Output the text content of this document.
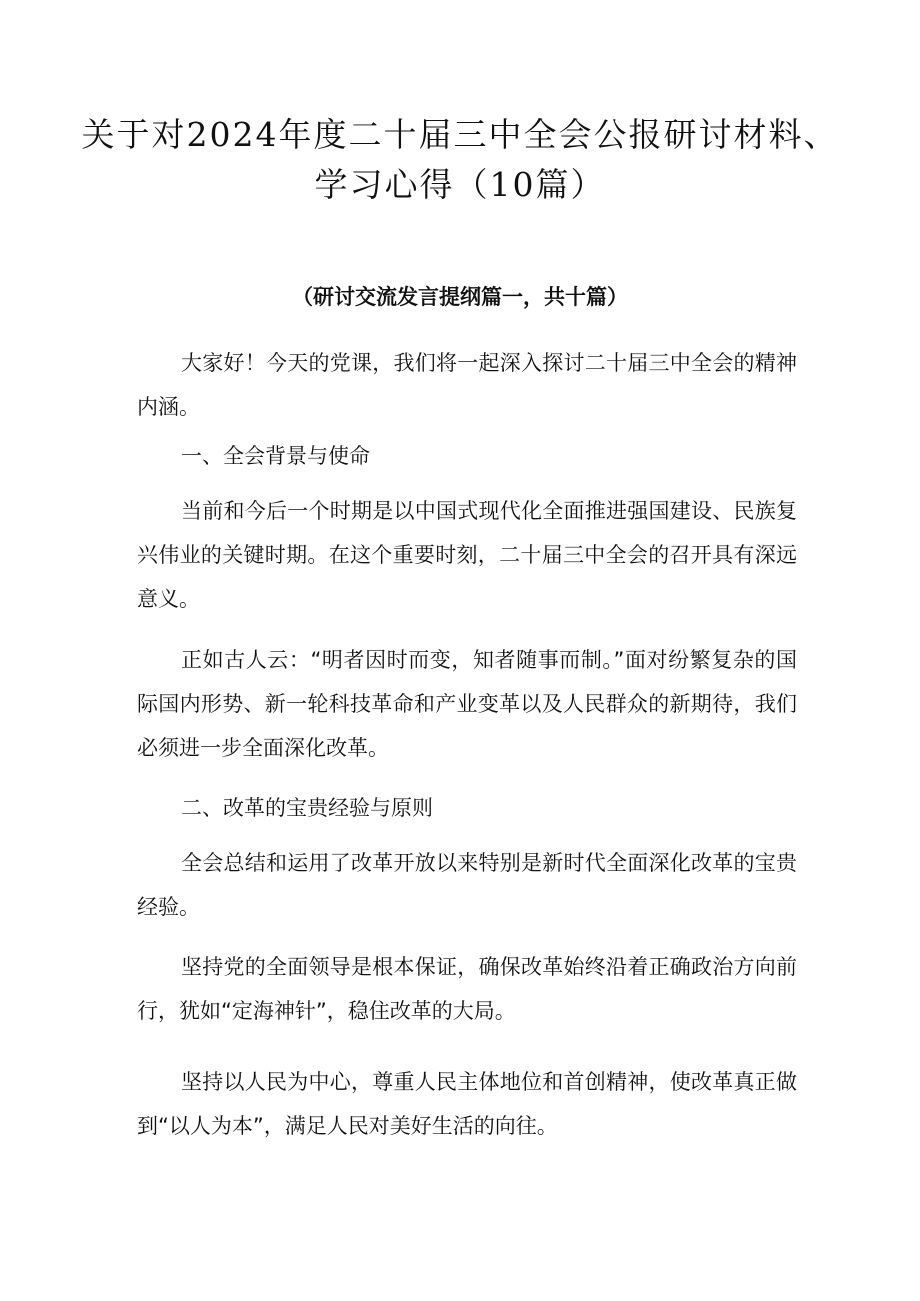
关于对2024年度二十届三中全会公报研讨材料、学习心得（10篇）
（研讨交流发言提纲篇一，共十篇）

大家好！今天的党课，我们将一起深入探讨二十届三中全会的精神内涵。

一、全会背景与使命

当前和今后一个时期是以中国式现代化全面推进强国建设、民族复兴伟业的关键时期。在这个重要时刻，二十届三中全会的召开具有深远意义。

正如古人云：“明者因时而变，知者随事而制。”面对纷繁复杂的国际国内形势、新一轮科技革命和产业变革以及人民群众的新期待，我们必须进一步全面深化改革。

二、改革的宝贵经验与原则

全会总结和运用了改革开放以来特别是新时代全面深化改革的宝贵经验。

坚持党的全面领导是根本保证，确保改革始终沿着正确政治方向前行，犹如“定海神针”，稳住改革的大局。

坚持以人民为中心，尊重人民主体地位和首创精神，使改革真正做到“以人为本”，满足人民对美好生活的向往。
